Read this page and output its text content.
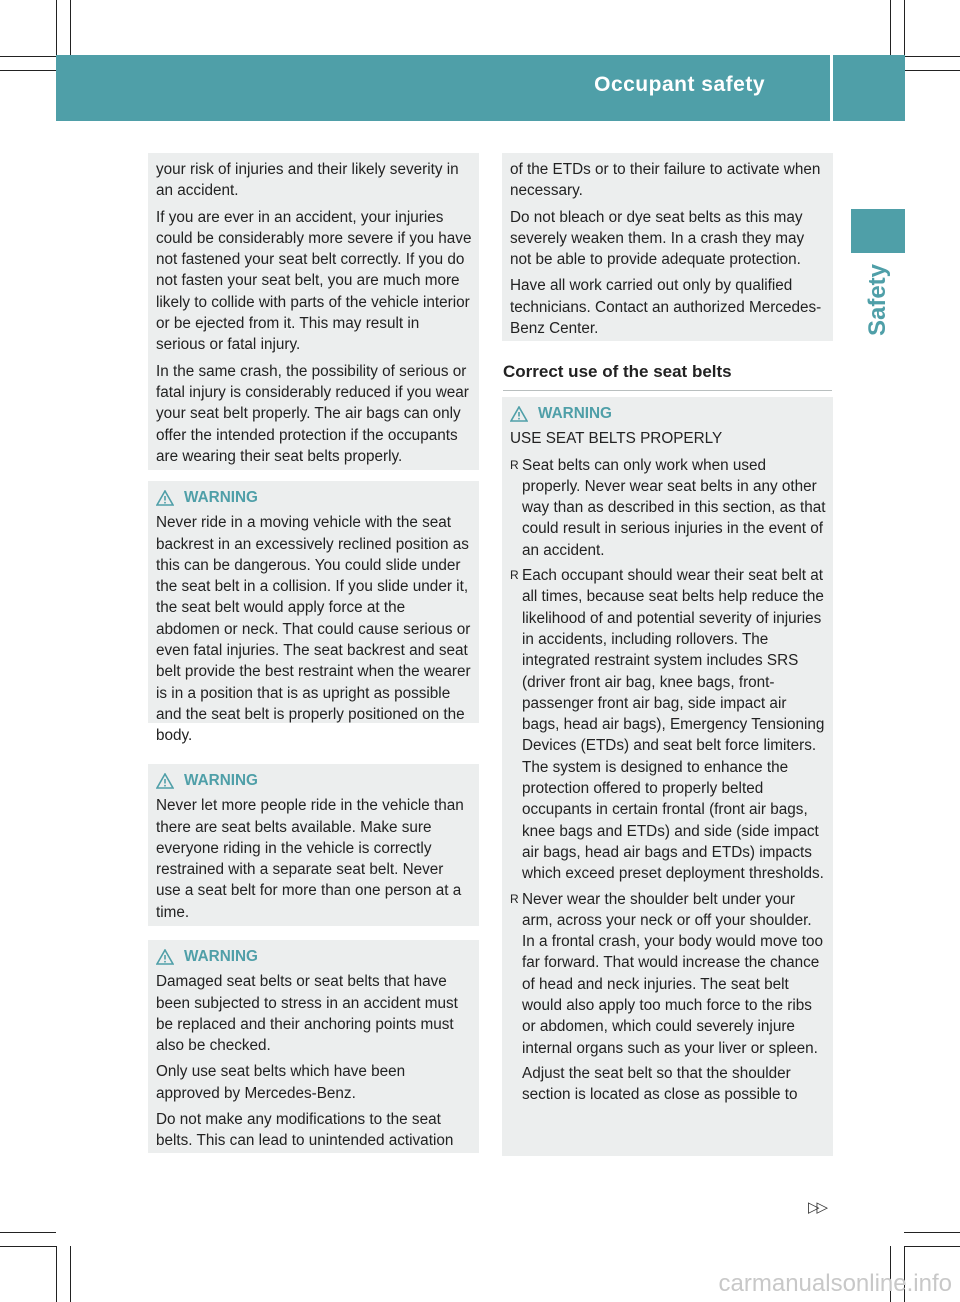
Occupant safety	49
Safety

your risk of injuries and their likely severity in an accident.

If you are ever in an accident, your injuries could be considerably more severe if you have not fastened your seat belt correctly. If you do not fasten your seat belt, you are much more likely to collide with parts of the vehicle interior or be ejected from it. This may result in serious or fatal injury.

In the same crash, the possibility of serious or fatal injury is considerably reduced if you wear your seat belt properly. The air bags can only offer the intended protection if the occupants are wearing their seat belts properly.

WARNING

Never ride in a moving vehicle with the seat backrest in an excessively reclined position as this can be dangerous. You could slide under the seat belt in a collision. If you slide under it, the seat belt would apply force at the abdomen or neck. That could cause serious or even fatal injuries. The seat backrest and seat belt provide the best restraint when the wearer is in a position that is as upright as possible and the seat belt is properly positioned on the body.

WARNING

Never let more people ride in the vehicle than there are seat belts available. Make sure everyone riding in the vehicle is correctly restrained with a separate seat belt. Never use a seat belt for more than one person at a time.

WARNING

Damaged seat belts or seat belts that have been subjected to stress in an accident must be replaced and their anchoring points must also be checked.

Only use seat belts which have been approved by Mercedes-Benz.

Do not make any modifications to the seat belts. This can lead to unintended activation

of the ETDs or to their failure to activate when necessary.

Do not bleach or dye seat belts as this may severely weaken them. In a crash they may not be able to provide adequate protection.

Have all work carried out only by qualified technicians. Contact an authorized Mercedes-Benz Center.

Correct use of the seat belts
WARNING

USE SEAT BELTS PROPERLY

R Seat belts can only work when used properly. Never wear seat belts in any other way than as described in this section, as that could result in serious injuries in the event of an accident.
R Each occupant should wear their seat belt at all times, because seat belts help reduce the likelihood of and potential severity of injuries in accidents, including rollovers. The integrated restraint system includes SRS (driver front air bag, knee bags, front-passenger front air bag, side impact air bags, head air bags), Emergency Tensioning Devices (ETDs) and seat belt force limiters. The system is designed to enhance the protection offered to properly belted occupants in certain frontal (front air bags, knee bags and ETDs) and side (side impact air bags, head air bags and ETDs) impacts which exceed preset deployment thresholds.
R Never wear the shoulder belt under your arm, across your neck or off your shoulder. In a frontal crash, your body would move too far forward. That would increase the chance of head and neck injuries. The seat belt would also apply too much force to the ribs or abdomen, which could severely injure internal organs such as your liver or spleen.

Adjust the seat belt so that the shoulder section is located as close as possible to

▷▷
carmanualsonline.info
